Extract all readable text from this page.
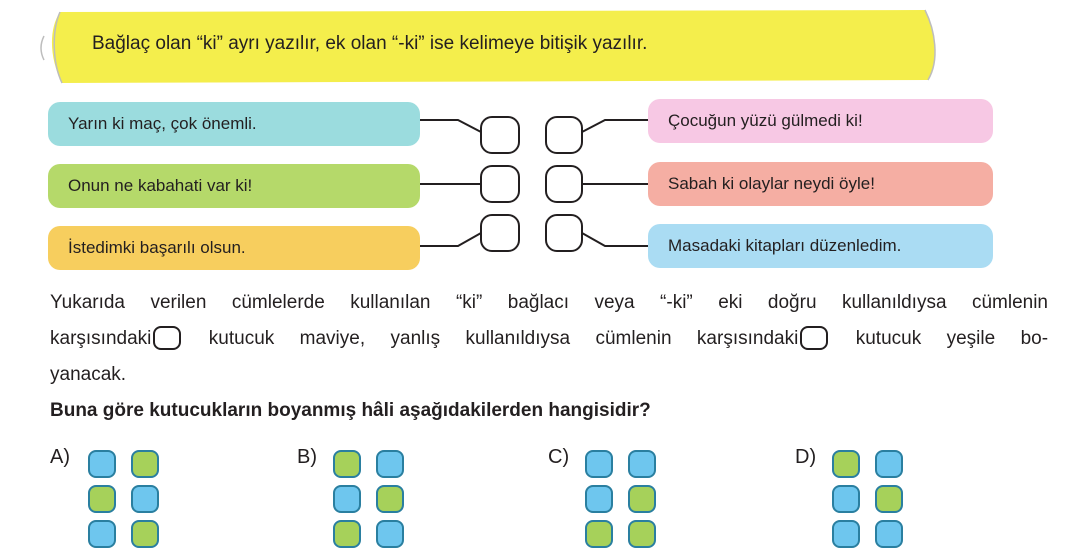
Bağlaç olan “ki” ayrı yazılır, ek olan “-ki” ise kelimeye bitişik yazılır.
Yarın ki maç, çok önemli.
Onun ne kabahati var ki!
İstedimki başarılı olsun.
Çocuğun yüzü gülmedi ki!
Sabah ki olaylar neydi öyle!
Masadaki kitapları düzenledim.
Yukarıda verilen cümlelerde kullanılan “ki” bağlacı veya “-ki” eki doğru kullanıldıysa cümlenin
karşısındaki	kutucuk maviye, yanlış kullanıldıysa cümlenin karşısındaki	kutucuk yeşile bo-
yanacak.
Buna göre kutucukların boyanmış hâli aşağıdakilerden hangisidir?
A)	B)	C)	D)
